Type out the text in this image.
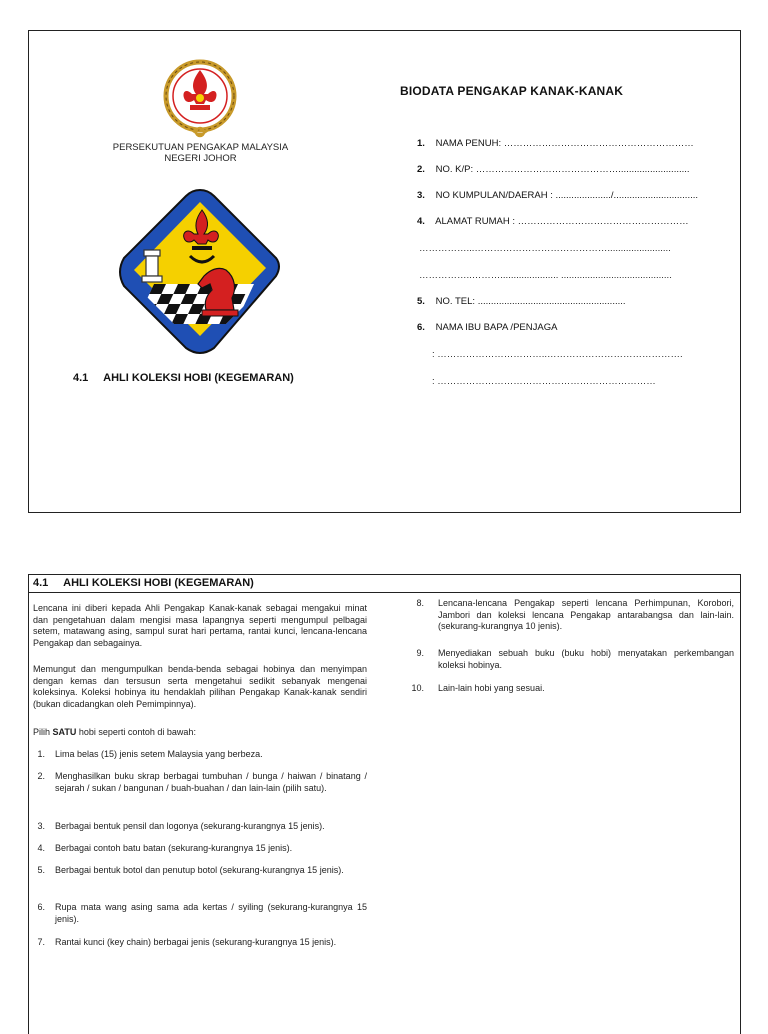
PERSEKUTUAN PENGAKAP MALAYSIA
NEGERI JOHOR
BIODATA PENGAKAP KANAK-KANAK
1. NAMA PENUH: ……………………………………………………
2. NO. K/P: ………………………………………...........................
3. NO KUMPULAN/DAERAH : ...................../................................
4. ALAMAT RUMAH : ………………………………………………
……………...……………………………………........................
……………..………...................... ..........................................
5. NO. TEL: ........................................................
6. NAMA IBU BAPA /PENJAGA
: ……………………………..…………………………………….
: ……………………………………………………………
4.1     AHLI KOLEKSI HOBI (KEGEMARAN)
4.1     AHLI KOLEKSI HOBI (KEGEMARAN)
Lencana ini diberi kepada Ahli Pengakap Kanak-kanak sebagai mengakui minat dan pengetahuan dalam mengisi masa lapangnya seperti mengumpul pelbagai setem, matawang asing, sampul surat hari pertama, rantai kunci, lencana-lencana Pengakap dan sebagainya.
Memungut dan mengumpulkan benda-benda sebagai hobinya dan menyimpan dengan kemas dan tersusun serta mengetahui sedikit sebanyak mengenai koleksinya. Koleksi hobinya itu hendaklah pilihan Pengakap Kanak-kanak sendiri (bukan dicadangkan oleh Pemimpinnya).
Pilih SATU hobi seperti contoh di bawah:
1. Lima belas (15) jenis setem Malaysia yang berbeza.
2. Menghasilkan buku skrap berbagai tumbuhan / bunga / haiwan / binatang / sejarah / sukan / bangunan / buah-buahan / dan lain-lain (pilih satu).
3. Berbagai bentuk pensil dan logonya (sekurang-kurangnya 15 jenis).
4. Berbagai contoh batu batan (sekurang-kurangnya 15 jenis).
5. Berbagai bentuk botol dan penutup botol (sekurang-kurangnya 15 jenis).
6. Rupa mata wang asing sama ada kertas / syiling (sekurang-kurangnya 15 jenis).
7. Rantai kunci (key chain) berbagai jenis (sekurang-kurangnya 15 jenis).
8. Lencana-lencana Pengakap seperti lencana Perhimpunan, Korobori, Jambori dan koleksi lencana Pengakap antarabangsa dan lain-lain. (sekurang-kurangnya 10 jenis).
9. Menyediakan sebuah buku (buku hobi) menyatakan perkembangan koleksi hobinya.
10. Lain-lain hobi yang sesuai.
